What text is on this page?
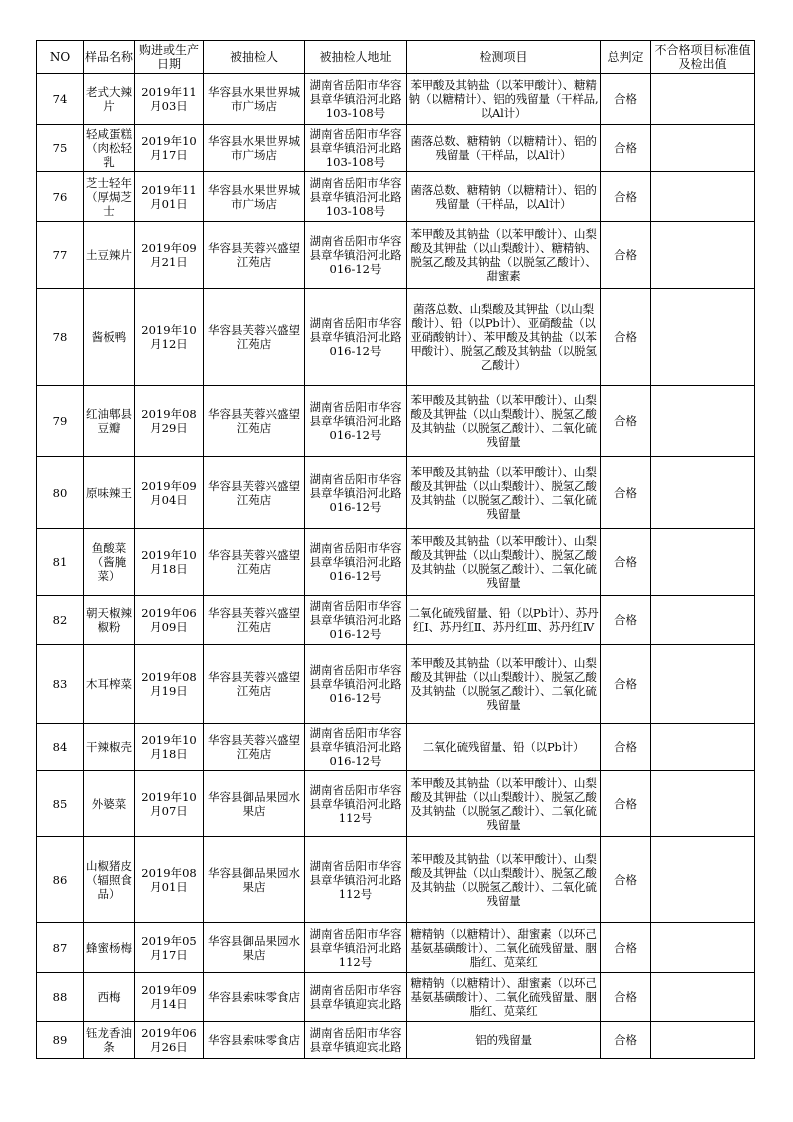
NO	样品名称	购进或生产日期	被抽检人	被抽检人地址	检测项目	总判定	不合格项目标准值及检出值
74	老式大辣片	2019年11月03日	华容县水果世界城市广场店	湖南省岳阳市华容县章华镇沿河北路103-108号	苯甲酸及其钠盐（以苯甲酸计）、糖精钠（以糖精计）、铝的残留量（干样品,以Al计）	合格	
75	轻咸蛋糕（肉松轻乳	2019年10月17日	华容县水果世界城市广场店	湖南省岳阳市华容县章华镇沿河北路103-108号	菌落总数、糖精钠（以糖精计）、铝的残留量（干样品，以Al计）	合格	
76	芝士轻年（厚焗芝士	2019年11月01日	华容县水果世界城市广场店	湖南省岳阳市华容县章华镇沿河北路103-108号	菌落总数、糖精钠（以糖精计）、铝的残留量（干样品，以Al计）	合格	
77	土豆辣片	2019年09月21日	华容县芙蓉兴盛望江苑店	湖南省岳阳市华容县章华镇沿河北路016-12号	苯甲酸及其钠盐（以苯甲酸计）、山梨酸及其钾盐（以山梨酸计）、糖精钠、脱氢乙酸及其钠盐（以脱氢乙酸计）、甜蜜素	合格	
78	酱板鸭	2019年10月12日	华容县芙蓉兴盛望江苑店	湖南省岳阳市华容县章华镇沿河北路016-12号	菌落总数、山梨酸及其钾盐（以山梨酸计）、铅（以Pb计）、亚硝酸盐（以亚硝酸钠计）、苯甲酸及其钠盐（以苯甲酸计）、脱氢乙酸及其钠盐（以脱氢乙酸计）	合格	
79	红油郫县豆瓣	2019年08月29日	华容县芙蓉兴盛望江苑店	湖南省岳阳市华容县章华镇沿河北路016-12号	苯甲酸及其钠盐（以苯甲酸计）、山梨酸及其钾盐（以山梨酸计）、脱氢乙酸及其钠盐（以脱氢乙酸计）、二氧化硫残留量	合格	
80	原味辣王	2019年09月04日	华容县芙蓉兴盛望江苑店	湖南省岳阳市华容县章华镇沿河北路016-12号	苯甲酸及其钠盐（以苯甲酸计）、山梨酸及其钾盐（以山梨酸计）、脱氢乙酸及其钠盐（以脱氢乙酸计）、二氧化硫残留量	合格	
81	鱼酸菜（酱腌菜）	2019年10月18日	华容县芙蓉兴盛望江苑店	湖南省岳阳市华容县章华镇沿河北路016-12号	苯甲酸及其钠盐（以苯甲酸计）、山梨酸及其钾盐（以山梨酸计）、脱氢乙酸及其钠盐（以脱氢乙酸计）、二氧化硫残留量	合格	
82	朝天椒辣椒粉	2019年06月09日	华容县芙蓉兴盛望江苑店	湖南省岳阳市华容县章华镇沿河北路016-12号	二氧化硫残留量、铅（以Pb计）、苏丹红Ⅰ、苏丹红Ⅱ、苏丹红Ⅲ、苏丹红Ⅳ	合格	
83	木耳榨菜	2019年08月19日	华容县芙蓉兴盛望江苑店	湖南省岳阳市华容县章华镇沿河北路016-12号	苯甲酸及其钠盐（以苯甲酸计）、山梨酸及其钾盐（以山梨酸计）、脱氢乙酸及其钠盐（以脱氢乙酸计）、二氧化硫残留量	合格	
84	干辣椒壳	2019年10月18日	华容县芙蓉兴盛望江苑店	湖南省岳阳市华容县章华镇沿河北路016-12号	二氧化硫残留量、铅（以Pb计）	合格	
85	外婆菜	2019年10月07日	华容县御品果园水果店	湖南省岳阳市华容县章华镇沿河北路112号	苯甲酸及其钠盐（以苯甲酸计）、山梨酸及其钾盐（以山梨酸计）、脱氢乙酸及其钠盐（以脱氢乙酸计）、二氧化硫残留量	合格	
86	山椒猪皮（辐照食品）	2019年08月01日	华容县御品果园水果店	湖南省岳阳市华容县章华镇沿河北路112号	苯甲酸及其钠盐（以苯甲酸计）、山梨酸及其钾盐（以山梨酸计）、脱氢乙酸及其钠盐（以脱氢乙酸计）、二氧化硫残留量	合格	
87	蜂蜜杨梅	2019年05月17日	华容县御品果园水果店	湖南省岳阳市华容县章华镇沿河北路112号	糖精钠（以糖精计）、甜蜜素（以环己基氨基磺酸计）、二氧化硫残留量、胭脂红、苋菜红	合格	
88	西梅	2019年09月14日	华容县索味零食店	湖南省岳阳市华容县章华镇迎宾北路	糖精钠（以糖精计）、甜蜜素（以环己基氨基磺酸计）、二氧化硫残留量、胭脂红、苋菜红	合格	
89	钰龙香油条	2019年06月26日	华容县索味零食店	湖南省岳阳市华容县章华镇迎宾北路	铝的残留量	合格	
